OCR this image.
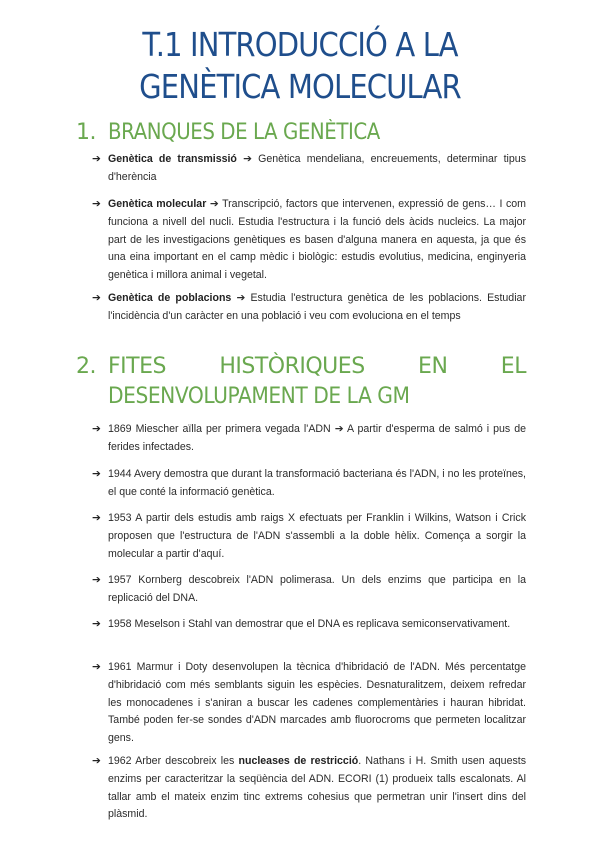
T.1 INTRODUCCIÓ A LA
GENÈTICA MOLECULAR
1. BRANQUES DE LA GENÈTICA
➔ Genètica de transmissió ➔ Genètica mendeliana, encreuements, determinar tipus d'herència
➔ Genètica molecular ➔ Transcripció, factors que intervenen, expressió de gens… I com funciona a nivell del nucli. Estudia l'estructura i la funció dels àcids nucleics. La major part de les investigacions genètiques es basen d'alguna manera en aquesta, ja que és una eina important en el camp mèdic i biològic: estudis evolutius, medicina, enginyeria genètica i millora animal i vegetal.
➔ Genètica de poblacions ➔ Estudia l'estructura genètica de les poblacions. Estudiar l'incidència d'un caràcter en una població i veu com evoluciona en el temps
2. FITES HISTÒRIQUES EN EL
DESENVOLUPAMENT DE LA GM
➔ 1869 Miescher aïlla per primera vegada l'ADN ➔ A partir d'esperma de salmó i pus de ferides infectades.
➔ 1944 Avery demostra que durant la transformació bacteriana és l'ADN, i no les proteïnes, el que conté la informació genètica.
➔ 1953 A partir dels estudis amb raigs X efectuats per Franklin i Wilkins, Watson i Crick proposen que l'estructura de l'ADN s'assembli a la doble hèlix. Comença a sorgir la molecular a partir d'aquí.
➔ 1957 Kornberg descobreix l'ADN polimerasa. Un dels enzims que participa en la replicació del DNA.
➔ 1958 Meselson i Stahl van demostrar que el DNA es replicava semiconservativament.
➔ 1961 Marmur i Doty desenvolupen la tècnica d'hibridació de l'ADN. Més percentatge d'hibridació com més semblants siguin les espècies. Desnaturalitzem, deixem refredar les monocadenes i s'aniran a buscar les cadenes complementàries i hauran hibridat. També poden fer-se sondes d'ADN marcades amb fluorocroms que permeten localitzar gens.
➔ 1962 Arber descobreix les nucleases de restricció. Nathans i H. Smith usen aquests enzims per caracteritzar la seqüència del ADN. ECORI (1) produeix talls escalonats. Al tallar amb el mateix enzim tinc extrems cohesius que permetran unir l'insert dins del plàsmid.
